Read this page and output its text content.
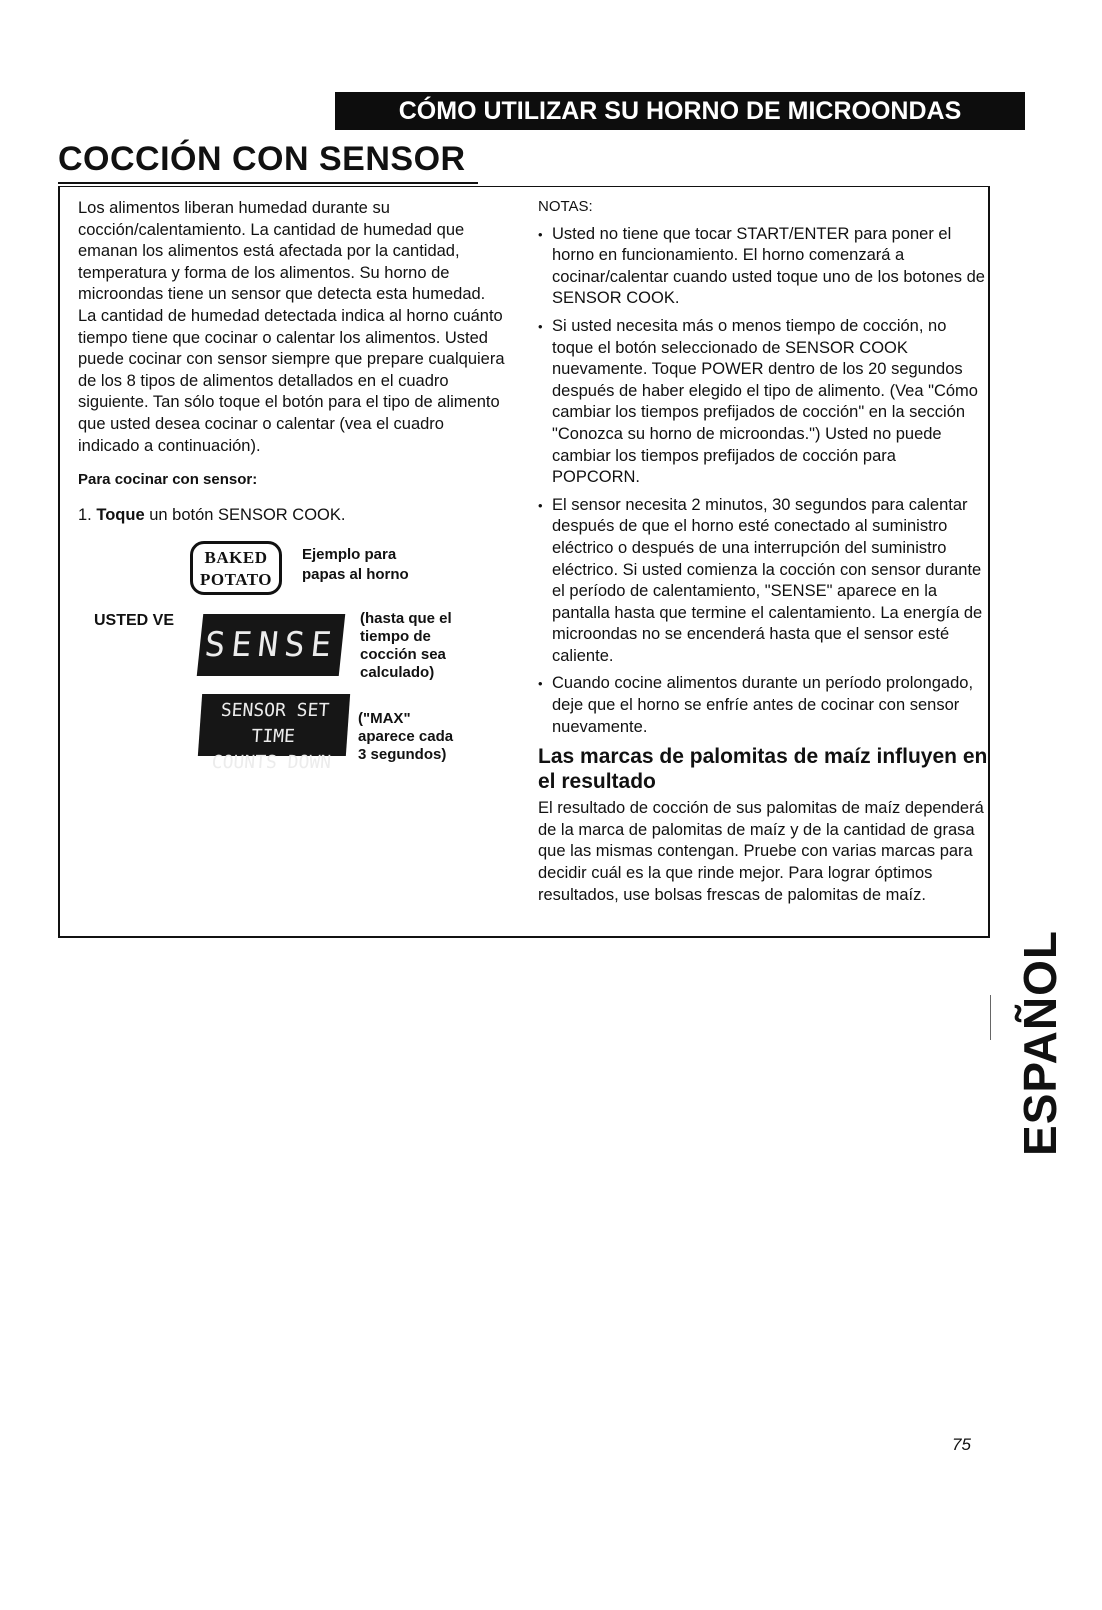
CÓMO UTILIZAR SU HORNO DE MICROONDAS
COCCIÓN CON SENSOR

Los alimentos liberan humedad durante su cocción/calentamiento. La cantidad de humedad que emanan los alimentos está afectada por la cantidad, temperatura y forma de los alimentos. Su horno de microondas tiene un sensor que detecta esta humedad. La cantidad de humedad detectada indica al horno cuánto tiempo tiene que cocinar o calentar los alimentos. Usted puede cocinar con sensor siempre que prepare cualquiera de los 8 tipos de alimentos detallados en el cuadro siguiente. Tan sólo toque el botón para el tipo de alimento que usted desea cocinar o calentar (vea el cuadro indicado a continuación).

Para cocinar con sensor:

1. Toque un botón SENSOR COOK.

BAKED
POTATO
Ejemplo para
papas al horno
USTED VE
SENSE
(hasta que el tiempo de cocción sea calculado)
SENSOR SET TIME
COUNTS DOWN
("MAX" aparece cada 3 segundos)

NOTAS:

• Usted no tiene que tocar START/ENTER para poner el horno en funcionamiento. El horno comenzará a cocinar/calentar cuando usted toque uno de los botones de SENSOR COOK.
• Si usted necesita más o menos tiempo de cocción, no toque el botón seleccionado de SENSOR COOK nuevamente. Toque POWER dentro de los 20 segundos después de haber elegido el tipo de alimento. (Vea "Cómo cambiar los tiempos prefijados de cocción" en la sección "Conozca su horno de microondas.") Usted no puede cambiar los tiempos prefijados de cocción para POPCORN.
• El sensor necesita 2 minutos, 30 segundos para calentar después de que el horno esté conectado al suministro eléctrico o después de una interrupción del suministro eléctrico. Si usted comienza la cocción con sensor durante el período de calentamiento, "SENSE" aparece en la pantalla hasta que termine el calentamiento. La energía de microondas no se encenderá hasta que el sensor esté caliente.
• Cuando cocine alimentos durante un período prolongado, deje que el horno se enfríe antes de cocinar con sensor nuevamente.

Las marcas de palomitas de maíz influyen en el resultado

El resultado de cocción de sus palomitas de maíz dependerá de la marca de palomitas de maíz y de la cantidad de grasa que las mismas contengan. Pruebe con varias marcas para decidir cuál es la que rinde mejor. Para lograr óptimos resultados, use bolsas frescas de palomitas de maíz.

ESPAÑOL
75
